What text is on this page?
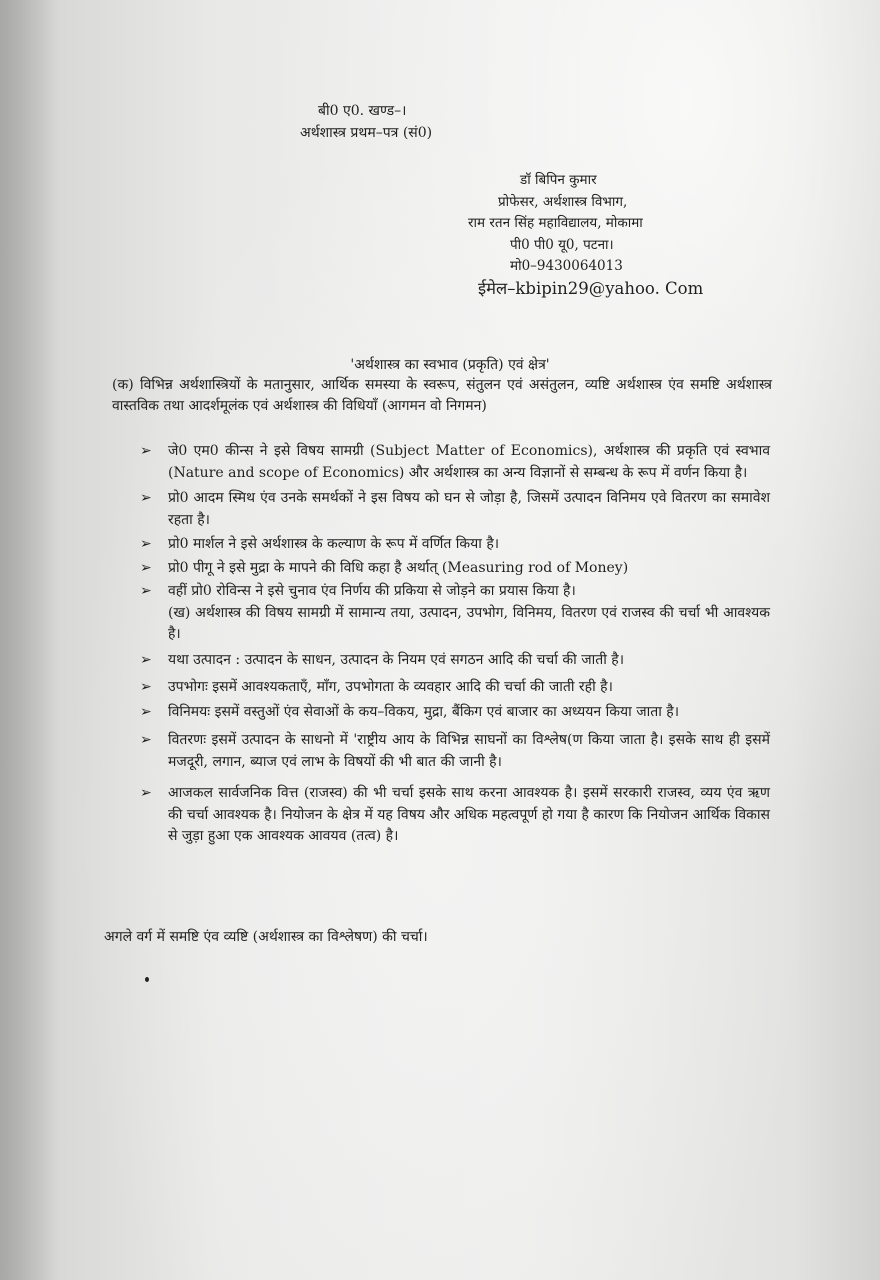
बी0 ए0. खण्ड–।
अर्थशास्त्र प्रथम–पत्र (सं0)
डॉ बिपिन कुमार
प्रोफेसर, अर्थशास्त्र विभाग,
राम रतन सिंह महाविद्यालय, मोकामा
पी0 पी0 यू0, पटना।
मो0–9430064013
ईमेल–kbipin29@yahoo. Com
'अर्थशास्त्र का स्वभाव (प्रकृति) एवं क्षेत्र'
(क) विभिन्न अर्थशास्त्रियों के मतानुसार, आर्थिक समस्या के स्वरूप, संतुलन एवं असंतुलन, व्यष्टि अर्थशास्त्र एंव समष्टि अर्थशास्त्र वास्तविक तथा आदर्शमूलंक एवं अर्थशास्त्र की विधियाँ (आगमन वो निगमन)
➢ जे0 एम0 कीन्स ने इसे विषय सामग्री (Subject Matter of Economics), अर्थशास्त्र की प्रकृति एवं स्वभाव (Nature and scope of Economics) और अर्थशास्त्र का अन्य विज्ञानों से सम्बन्ध के रूप में वर्णन किया है।
➢ प्रो0 आदम स्मिथ एंव उनके समर्थकों ने इस विषय को घन से जोड़ा है, जिसमें उत्पादन विनिमय एवे वितरण का समावेश रहता है।
➢ प्रो0 मार्शल ने इसे अर्थशास्त्र के कल्याण के रूप में वर्णित किया है।
➢ प्रो0 पीगू ने इसे मुद्रा के मापने की विधि कहा है अर्थात् (Measuring rod of Money)
➢ वहीं प्रो0 रोविन्स ने इसे चुनाव एंव निर्णय की प्रकिया से जोड़ने का प्रयास किया है।
(ख) अर्थशास्त्र की विषय सामग्री में सामान्य तया, उत्पादन, उपभोग, विनिमय, वितरण एवं राजस्व की चर्चा भी आवश्यक है।
➢ यथा उत्पादन : उत्पादन के साधन, उत्पादन के नियम एवं सगठन आदि की चर्चा की जाती है।
➢ उपभोगः इसमें आवश्यकताएँ, माँग, उपभोगता के व्यवहार आदि की चर्चा की जाती रही है।
➢ विनिमयः इसमें वस्तुओं एंव सेवाओं के कय–विकय, मुद्रा, बैंकिग एवं बाजार का अध्ययन किया जाता है।
➢ वितरणः इसमें उत्पादन के साधनो में 'राष्ट्रीय आय के विभिन्न साघनों का विश्लेष(ण किया जाता है। इसके साथ ही इसमें मजदूरी, लगान, ब्याज एवं लाभ के विषयों की भी बात की जानी है।
➢ आजकल सार्वजनिक वित्त (राजस्व) की भी चर्चा इसके साथ करना आवश्यक है। इसमें सरकारी राजस्व, व्यय एंव ऋण की चर्चा आवश्यक है। नियोजन के क्षेत्र में यह विषय और अधिक महत्वपूर्ण हो गया है कारण कि नियोजन आर्थिक विकास से जुड़ा हुआ एक आवश्यक आवयव (तत्व) है।
अगले वर्ग में समष्टि एंव व्यष्टि (अर्थशास्त्र का विश्लेषण) की चर्चा।
